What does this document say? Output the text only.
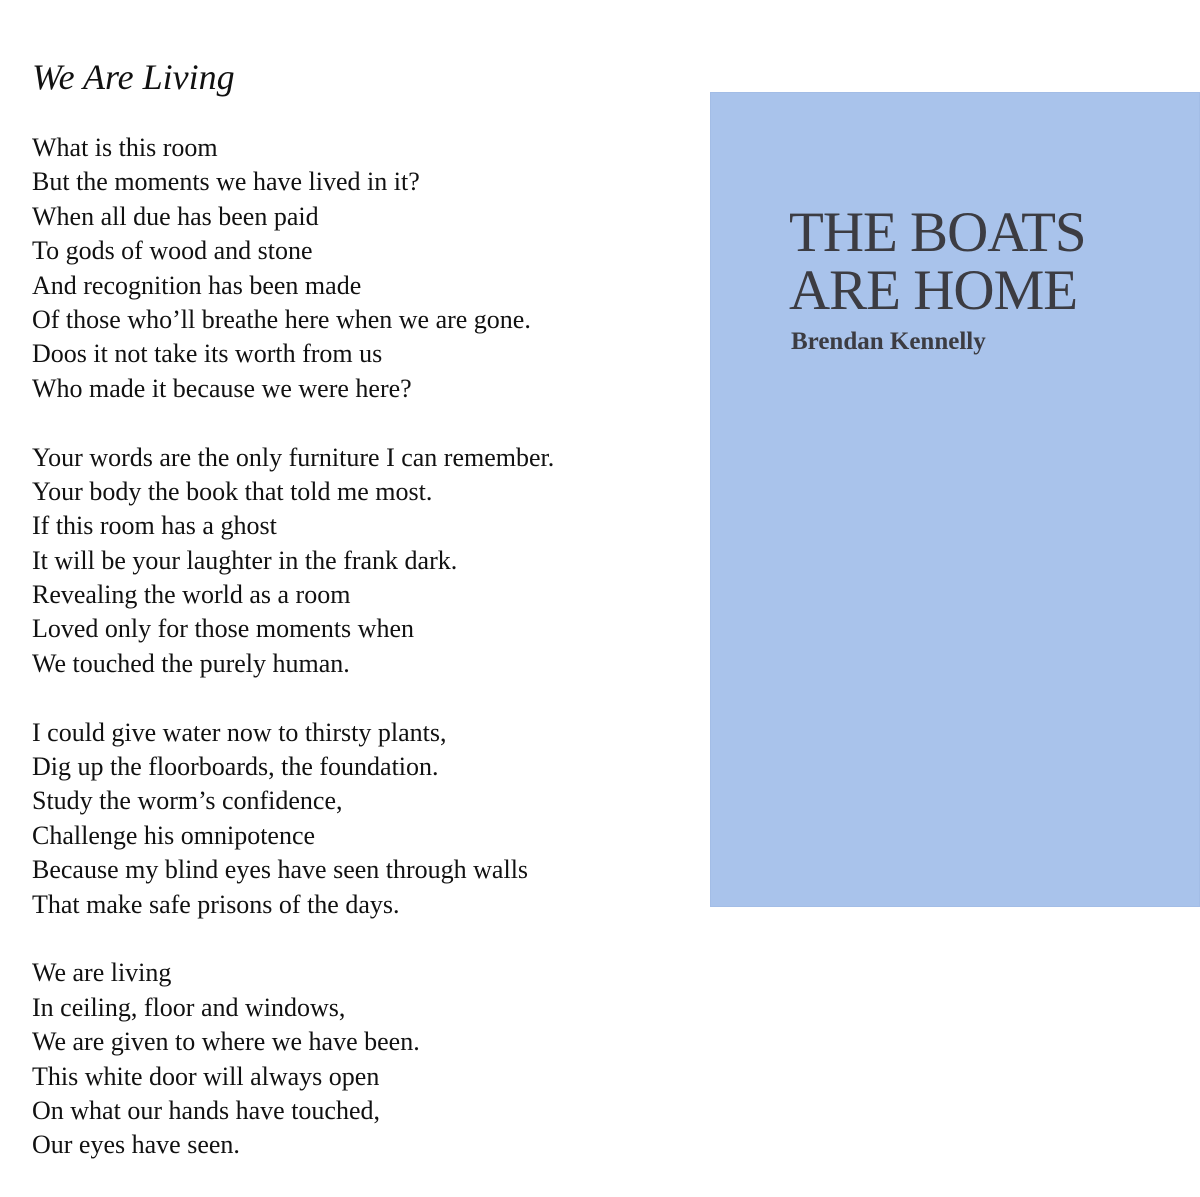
We Are Living
What is this room
But the moments we have lived in it?
When all due has been paid
To gods of wood and stone
And recognition has been made
Of those who’ll breathe here when we are gone.
Doos it not take its worth from us
Who made it because we were here?
Your words are the only furniture I can remember.
Your body the book that told me most.
If this room has a ghost
It will be your laughter in the frank dark.
Revealing the world as a room
Loved only for those moments when
We touched the purely human.
I could give water now to thirsty plants,
Dig up the floorboards, the foundation.
Study the worm’s confidence,
Challenge his omnipotence
Because my blind eyes have seen through walls
That make safe prisons of the days.
We are living
In ceiling, floor and windows,
We are given to where we have been.
This white door will always open
On what our hands have touched,
Our eyes have seen.
THE BOATS
ARE HOME
Brendan Kennelly
